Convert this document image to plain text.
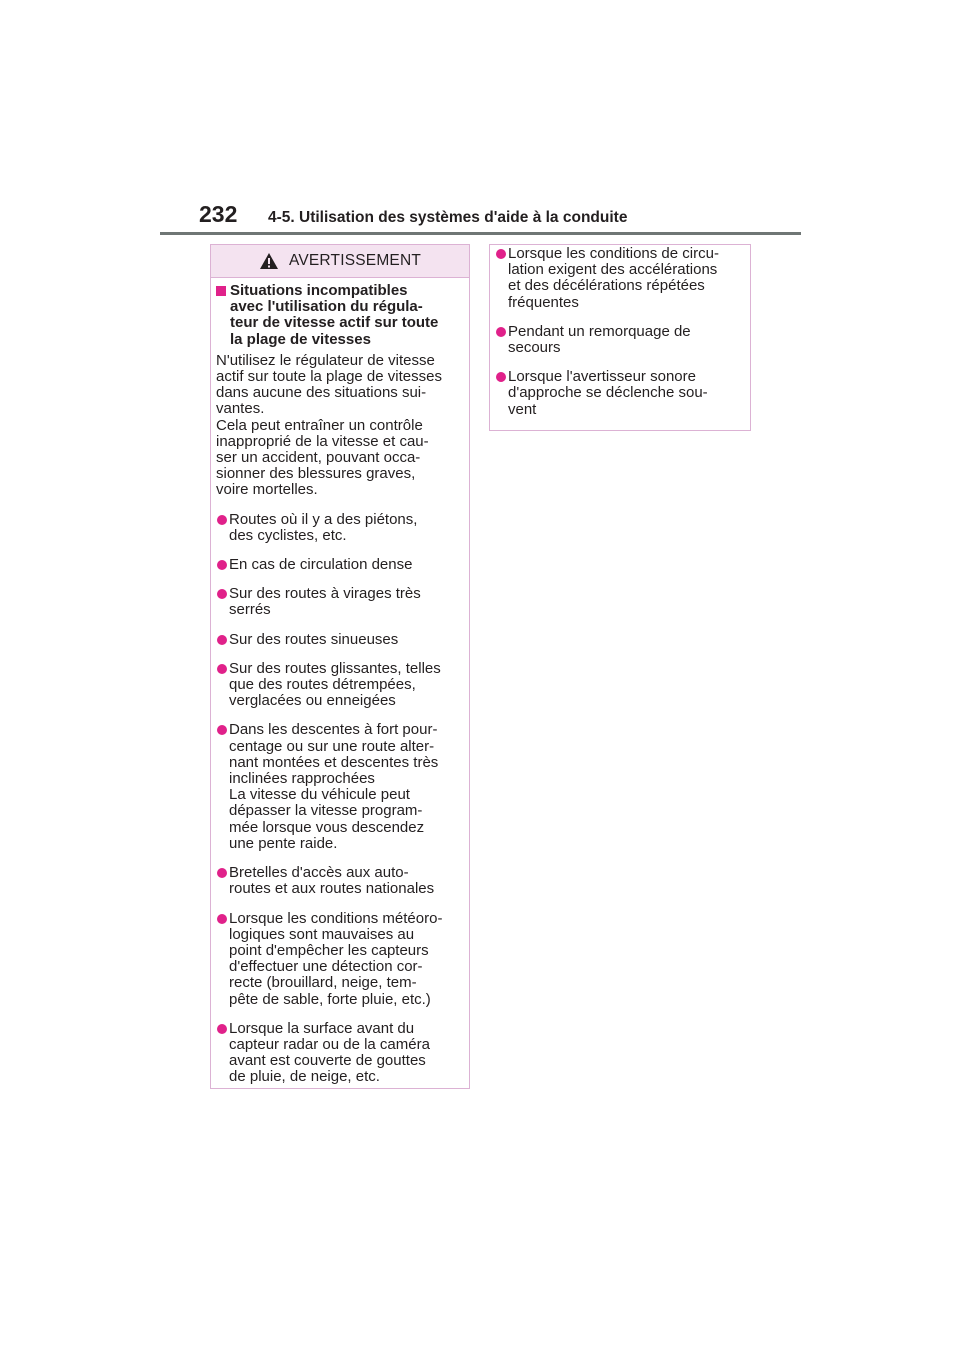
232 4-5. Utilisation des systèmes d'aide à la conduite
AVERTISSEMENT
Situations incompatibles
avec l'utilisation du régula-
teur de vitesse actif sur toute
la plage de vitesses
N'utilisez le régulateur de vitesse
actif sur toute la plage de vitesses
dans aucune des situations sui-
vantes.
Cela peut entraîner un contrôle
inapproprié de la vitesse et cau-
ser un accident, pouvant occa-
sionner des blessures graves,
voire mortelles.
Routes où il y a des piétons,
des cyclistes, etc.
En cas de circulation dense
Sur des routes à virages très
serrés
Sur des routes sinueuses
Sur des routes glissantes, telles
que des routes détrempées,
verglacées ou enneigées
Dans les descentes à fort pour-
centage ou sur une route alter-
nant montées et descentes très
inclinées rapprochées
La vitesse du véhicule peut
dépasser la vitesse program-
mée lorsque vous descendez
une pente raide.
Bretelles d'accès aux auto-
routes et aux routes nationales
Lorsque les conditions météoro-
logiques sont mauvaises au
point d'empêcher les capteurs
d'effectuer une détection cor-
recte (brouillard, neige, tem-
pête de sable, forte pluie, etc.)
Lorsque la surface avant du
capteur radar ou de la caméra
avant est couverte de gouttes
de pluie, de neige, etc.
Lorsque les conditions de circu-
lation exigent des accélérations
et des décélérations répétées
fréquentes
Pendant un remorquage de
secours
Lorsque l'avertisseur sonore
d'approche se déclenche sou-
vent
